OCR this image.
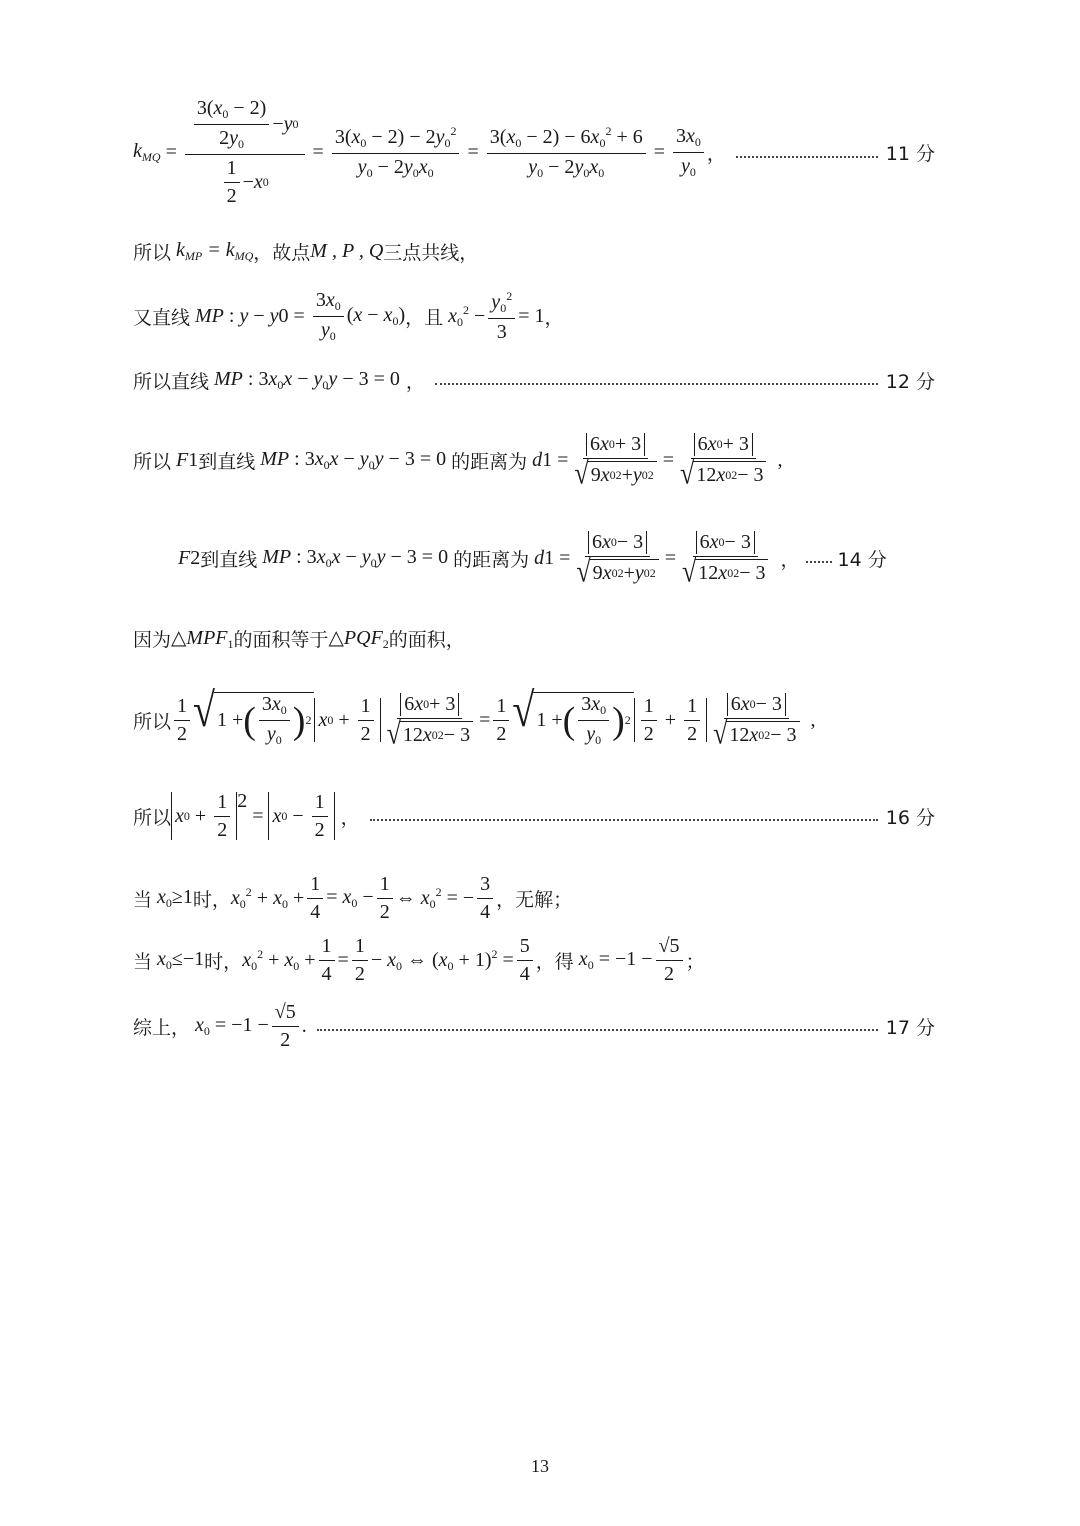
$k_{MQ} = \frac{\frac{3(x_0 - 2)}{2y_0} - y 0}{\frac{1}{2} - x 0} = \frac{3(x_0 - 2) - 2y_0^2}{y_0 - 2y_0x_0} = \frac{3(x_0 - 2) - 6x_0^2 + 6}{y_0 - 2y_0x_0} = \frac{3x_0}{y_0}$ ，	11 分
所以 $k_{MP} = k_{MQ}$ ，故点 M , P , Q 三点共线，
又直线 MP : y − y $0 = \frac{3x_0}{y_0} (x - x_0)$ ，且 $x_0^2 - \frac{y_0^2}{3} = 1$ ，
所以直线 MP : $3x_0x - y_0y - 3 = 0$ ，	12 分
所以 F 1 到直线 MP : $3x_0x - y_0y - 3 = 0$ 的距离为 d $1 = \frac{6 x 0 + 3}{√ 9 x 0 2 + y 0 2} = \frac{6 x 0 + 3}{√ 12 x 0 2 - 3}$ ,
F 2 到直线 MP : $3x_0x - y_0y - 3 = 0$ 的距离为 d $1 = \frac{6 x 0 - 3}{√ 9 x 0 2 + y 0 2} = \frac{6 x 0 - 3}{√ 12 x 0 2 - 3}$ ， 14 分
因为 $\triangle MPF_1$ 的面积等于 $\triangle PQF_2$ 的面积，
所以 $\frac{1}{2}$ √ 1 + ( $\frac{3x_0}{y_0}$ ) 2 x $0 + \frac{1}{2} \frac{6 x 0 + 3}{√ 12 x 0 2 - 3} = \frac{1}{2}$ √ 1 + ( $\frac{3x_0}{y_0}$ ) $2 \frac{1}{2} + \frac{1}{2} \frac{6 x 0 - 3}{√ 12 x 0 2 - 3}$ ,
所以 x $0 + \frac{1}{2} 2$
= x $0 - \frac{1}{2}$ ，	16 分
当 $x_0\ge 1$ 时， $x_0^2 + x_0 + \frac{1}{4} = x_0 - \frac{1}{2}$ ⇔ $x_0^2$ = − $\frac{3}{4}$ ，无解；
当 $x_0\le-1$ 时， $x_0^2 + x_0 + \frac{1}{4} = \frac{1}{2} - x_0$ ⇔ $(x_0 + 1)^2 = \frac{5}{4}$ ，得 $x_0 = -1 - \frac{√5}{2}$ ；
综上， $x_0 = -1 - \frac{√5}{2}$ .	17 分
13
